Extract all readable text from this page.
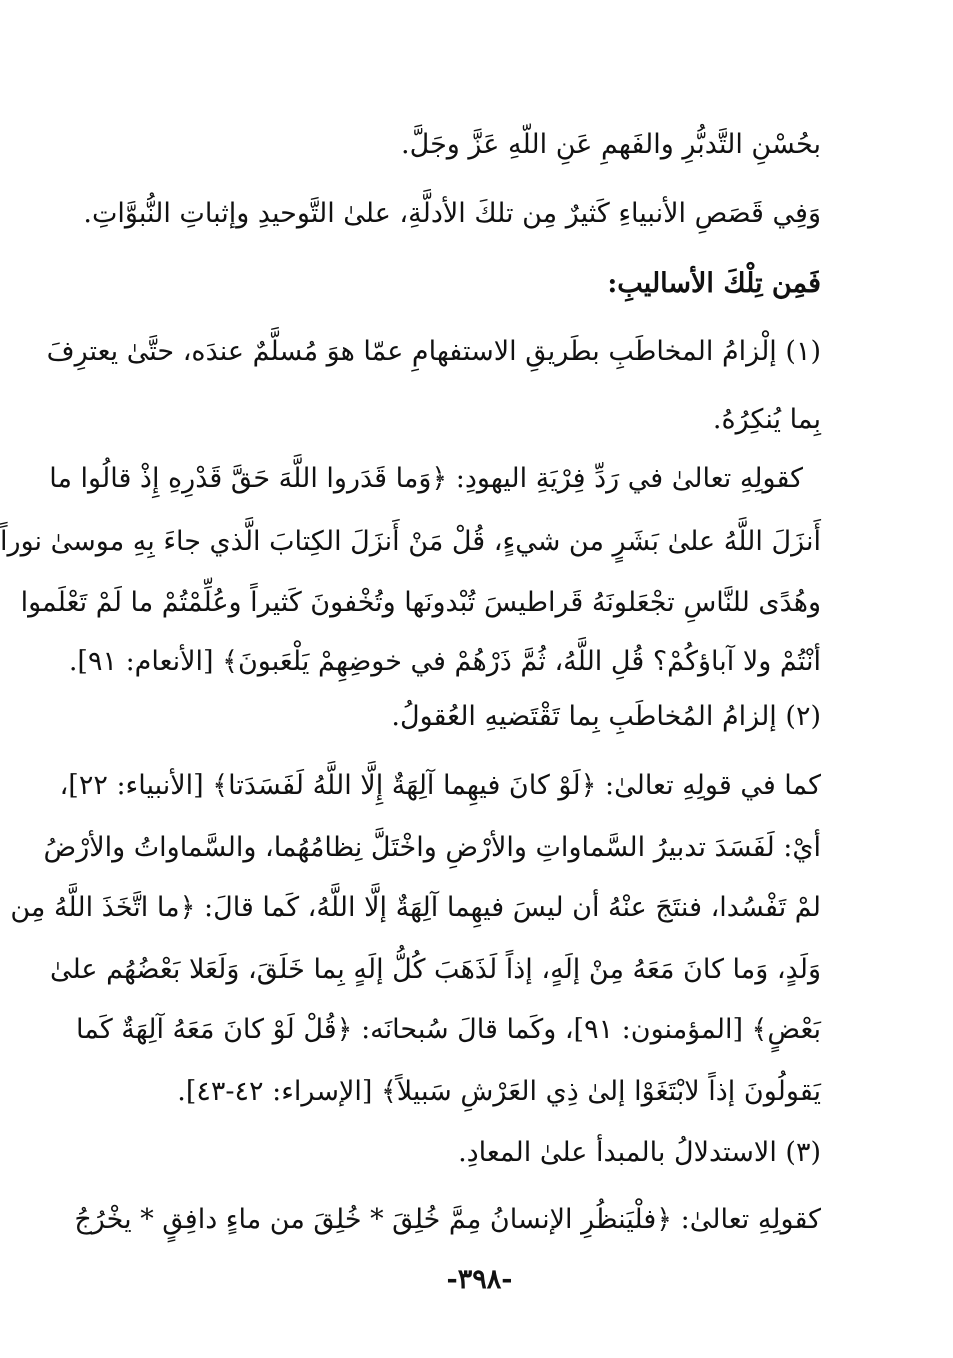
بحُسْنِ التَّدبُّرِ والفَهمِ عَنِ اللّهِ عَزَّ وجَلَّ.
وَفِي قَصَصِ الأنبياءِ كَثيرٌ مِن تلكَ الأدلَّةِ، علىٰ التَّوحيدِ وإثباتِ النُّبوَّاتِ.
فَمِن تِلْكَ الأساليبِ:
(١) إلْزامُ المخاطَبِ بطَريقِ الاستفهامِ عمّا هوَ مُسلَّمٌ عندَه، حتَّىٰ يعترِفَ
بِما يُنكِرُهُ.
كقولِهِ تعالىٰ في رَدِّ فِرْيَةِ اليهودِ: ﴿وَما قَدَروا اللَّهَ حَقَّ قَدْرِهِ إِذْ قالُوا ما
أَنزَلَ اللَّهُ علىٰ بَشَرٍ من شيءٍ، قُلْ مَنْ أَنزَلَ الكِتابَ الَّذي جاءَ بِهِ موسىٰ نوراً
وهُدًى للنَّاسِ تجْعَلونَهُ قَراطيسَ تُبْدونَها وتُخْفونَ كَثيراً وعُلِّمْتُمْ ما لَمْ تَعْلَموا
أنْتُمْ ولا آباؤكُمْ؟ قُلِ اللَّهُ، ثُمَّ ذَرْهُمْ في خوضِهِمْ يَلْعَبونَ﴾ [الأنعام: ٩١].
(٢) إلزامُ المُخاطَبِ بِما تَقْتَضيهِ العُقولُ.
كما في قولِهِ تعالىٰ: ﴿لَوْ كانَ فيهِما آلِهَةٌ إِلَّا اللَّهُ لَفَسَدَتا﴾ [الأنبياء: ٢٢]،
أيْ: لَفَسَدَ تدبيرُ السَّماواتِ والأرْضِ واخْتَلَّ نِظامُهُما، والسَّماواتُ والأرْضُ
لمْ تَفْسُدا، فنتَجَ عنْهُ أن ليسَ فيهِما آلِهَةٌ إلَّا اللَّهُ، كَما قالَ: ﴿ما اتَّخَذَ اللَّهُ مِن
وَلَدٍ، وَما كانَ مَعَهُ مِنْ إلَهٍ، إذاً لَذَهَبَ كُلُّ إلَهٍ بِما خَلَقَ، وَلَعَلا بَعْضُهُم علىٰ
بَعْضٍ﴾ [المؤمنون: ٩١]، وكَما قالَ سُبحانَه: ﴿قُلْ لَوْ كانَ مَعَهُ آلِهَةٌ كَما
يَقولُونَ إذاً لابْتَغَوْا إلىٰ ذِي العَرْشِ سَبيلاً﴾ [الإسراء: ٤٢-٤٣].
(٣) الاستدلالُ بالمبدأ علىٰ المعادِ.
كقولِهِ تعالىٰ: ﴿فلْيَنظُرِ الإنسانُ مِمَّ خُلِقَ * خُلِقَ من ماءٍ دافِقٍ * يخْرُجُ
-٣٩٨-
